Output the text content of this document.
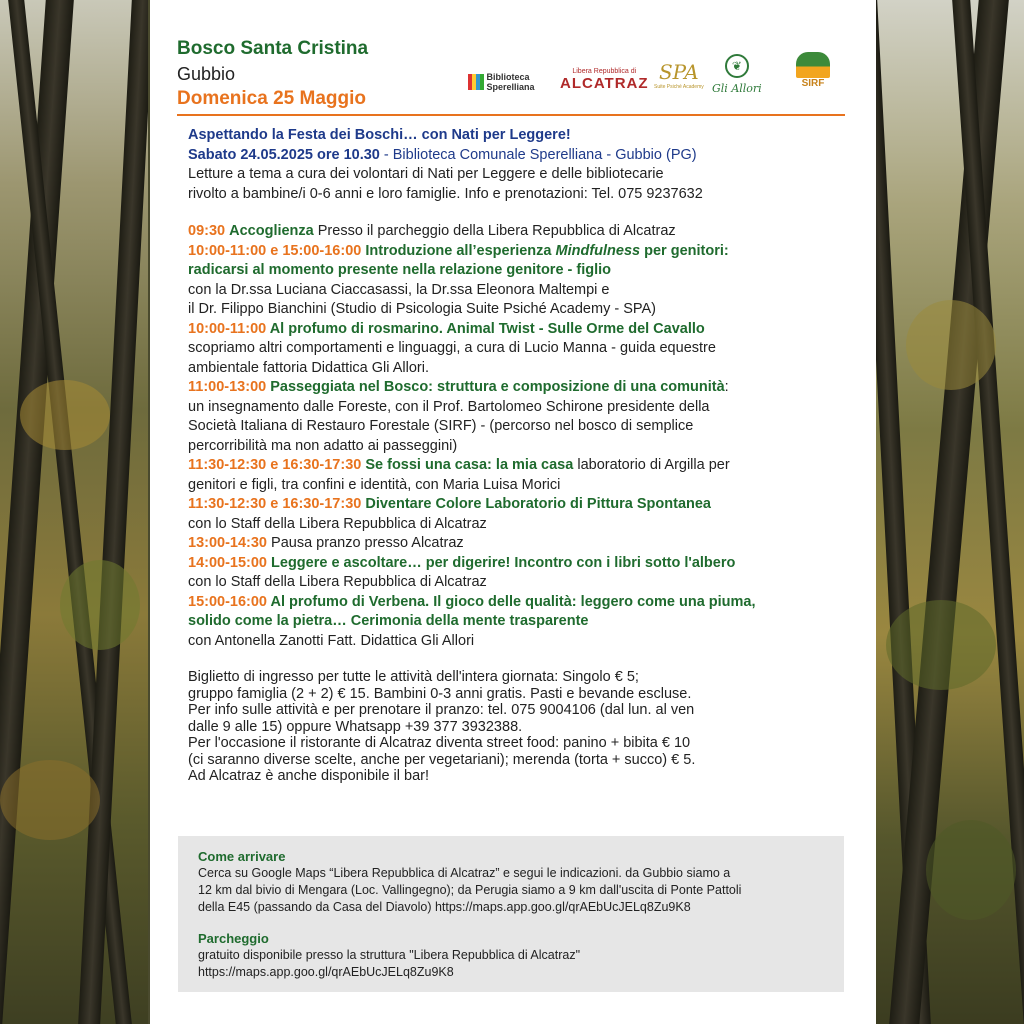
Bosco Santa Cristina
Gubbio
Domenica 25 Maggio
Biblioteca
Sperelliana
Libera Repubblica di
ALCATRAZ SPA
Suite Psiché Academy
❦
Gli Allori	SIRF
Aspettando la Festa dei Boschi… con Nati per Leggere!
Sabato 24.05.2025 ore 10.30 - Biblioteca Comunale Sperelliana - Gubbio (PG)
Letture a tema a cura dei volontari di Nati per Leggere e delle bibliotecarie
rivolto a bambine/i 0-6 anni e loro famiglie. Info e prenotazioni: Tel. 075 9237632
09:30 Accoglienza Presso il parcheggio della Libera Repubblica di Alcatraz
10:00-11:00 e 15:00-16:00 Introduzione all’esperienza Mindfulness per genitori:
radicarsi al momento presente nella relazione genitore - figlio
con la Dr.ssa Luciana Ciaccasassi, la Dr.ssa Eleonora Maltempi e
il Dr. Filippo Bianchini (Studio di Psicologia Suite Psiché Academy - SPA)
10:00-11:00 Al profumo di rosmarino. Animal Twist - Sulle Orme del Cavallo
scopriamo altri comportamenti e linguaggi, a cura di Lucio Manna - guida equestre
ambientale fattoria Didattica Gli Allori.
11:00-13:00 Passeggiata nel Bosco: struttura e composizione di una comunità:
un insegnamento dalle Foreste, con il Prof. Bartolomeo Schirone presidente della
Società Italiana di Restauro Forestale (SIRF) - (percorso nel bosco di semplice
percorribilità ma non adatto ai passeggini)
11:30-12:30 e 16:30-17:30 Se fossi una casa: la mia casa laboratorio di Argilla per
genitori e figli, tra confini e identità, con Maria Luisa Morici
11:30-12:30 e 16:30-17:30 Diventare Colore Laboratorio di Pittura Spontanea
con lo Staff della Libera Repubblica di Alcatraz
13:00-14:30 Pausa pranzo presso Alcatraz
14:00-15:00 Leggere e ascoltare… per digerire! Incontro con i libri sotto l'albero
con lo Staff della Libera Repubblica di Alcatraz
15:00-16:00 Al profumo di Verbena. Il gioco delle qualità: leggero come una piuma,
solido come la pietra… Cerimonia della mente trasparente
con Antonella Zanotti Fatt. Didattica Gli Allori
Biglietto di ingresso per tutte le attività dell'intera giornata: Singolo € 5;
gruppo famiglia (2 + 2) € 15. Bambini 0-3 anni gratis. Pasti e bevande escluse.
Per info sulle attività e per prenotare il pranzo: tel. 075 9004106 (dal lun. al ven
dalle 9 alle 15) oppure Whatsapp +39 377 3932388.
Per l'occasione il ristorante di Alcatraz diventa street food: panino + bibita € 10
(ci saranno diverse scelte, anche per vegetariani); merenda (torta + succo) € 5.
Ad Alcatraz è anche disponibile il bar!
Come arrivare
Cerca su Google Maps “Libera Repubblica di Alcatraz” e segui le indicazioni. da Gubbio siamo a
12 km dal bivio di Mengara (Loc. Vallingegno); da Perugia siamo a 9 km dall'uscita di Ponte Pattoli
della E45 (passando da Casa del Diavolo) https://maps.app.goo.gl/qrAEbUcJELq8Zu9K8
Parcheggio
gratuito disponibile presso la struttura "Libera Repubblica di Alcatraz"
https://maps.app.goo.gl/qrAEbUcJELq8Zu9K8
